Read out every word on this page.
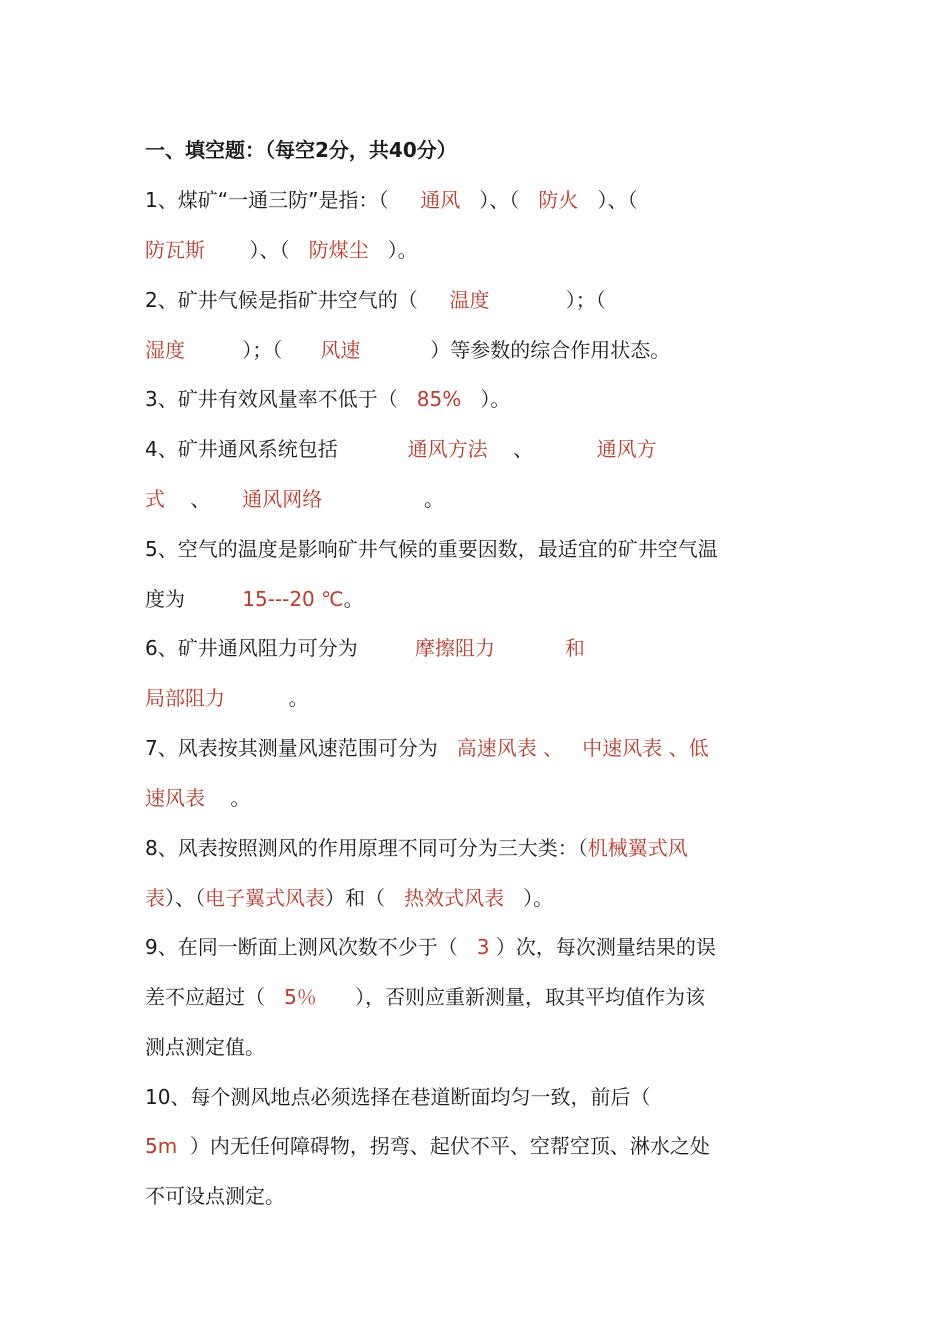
一、填空题：（每空2分，共40分）
1、煤矿“一通三防”是指：（     通风   ）、（   防火   ）、（
防瓦斯       ）、（   防煤尘   ）。
2、矿井气候是指矿井空气的（     温度            ）；（
湿度         ）；（      风速           ）等参数的综合作用状态。
3、矿井有效风量率不低于（   85%   ）。
4、矿井通风系统包括           通风方法    、          通风方
式    、     通风网络                。
5、空气的温度是影响矿井气候的重要因数，最适宜的矿井空气温
度为         15---20 ℃。
6、矿井通风阻力可分为         摩擦阻力	和
局部阻力          。
7、风表按其测量风速范围可分为   高速风表 、 中速风表 、低
速风表    。
8、风表按照测风的作用原理不同可分为三大类：（机械翼式风
表）、（电子翼式风表）和（   热效式风表   ）。
9、在同一断面上测风次数不少于（   3 ）次，每次测量结果的误
差不应超过（   5％      ），否则应重新测量，取其平均值作为该
测点测定值。
10、每个测风地点必须选择在巷道断面均匀一致，前后（
5m  ）内无任何障碍物，拐弯、起伏不平、空帮空顶、淋水之处
不可设点测定。
